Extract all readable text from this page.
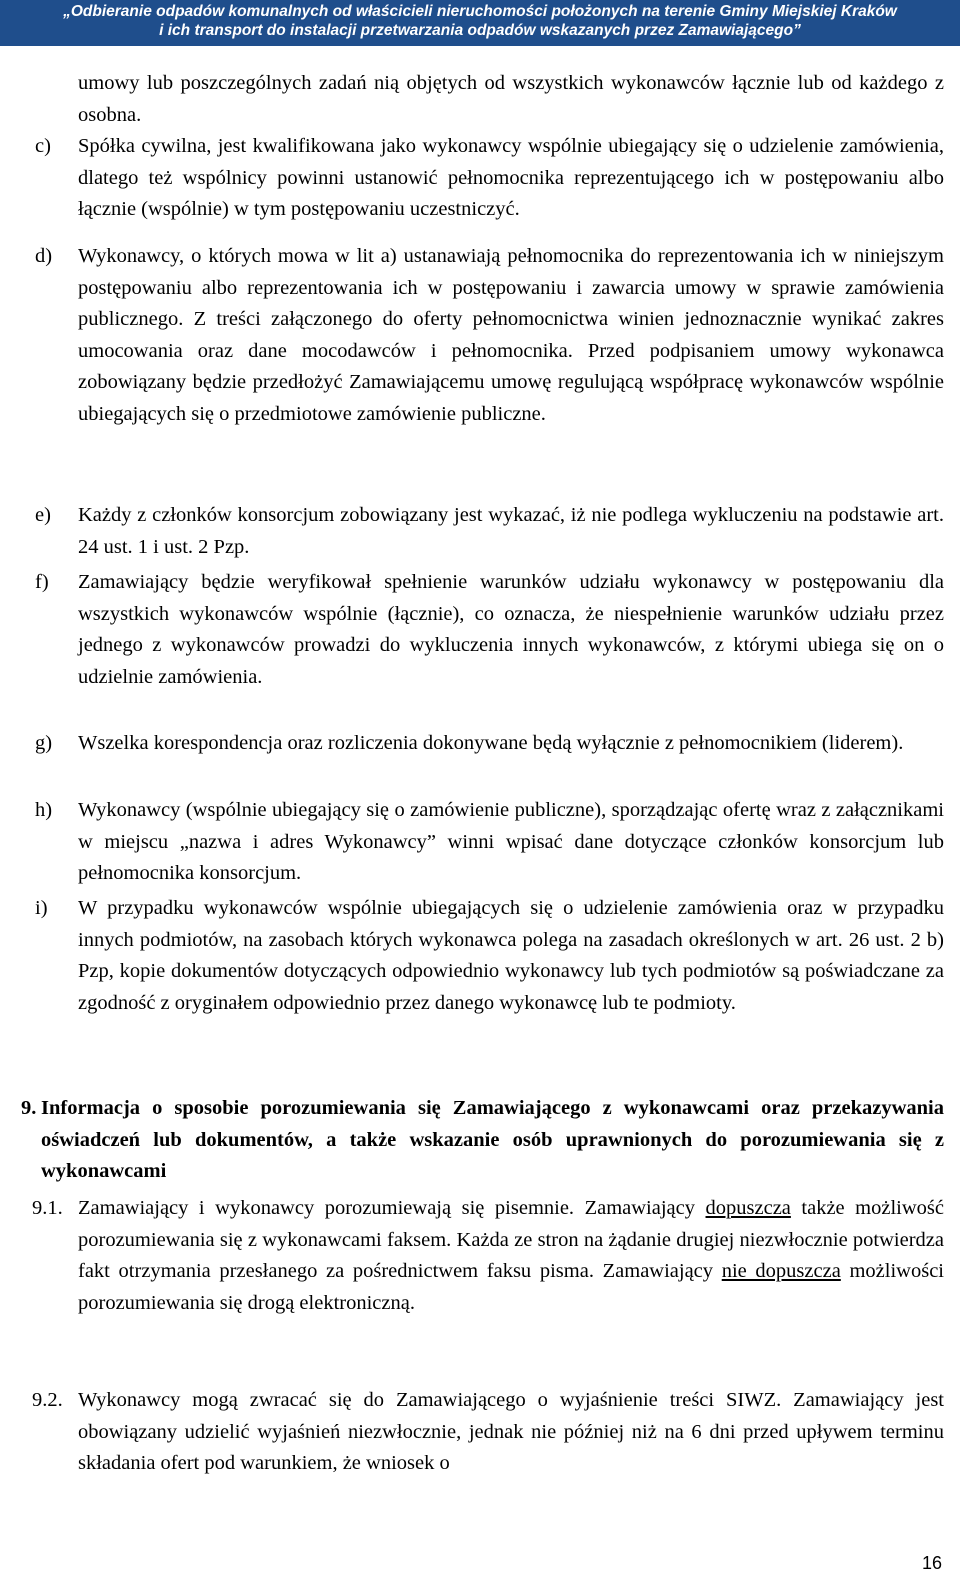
„Odbieranie odpadów komunalnych od właścicieli nieruchomości położonych na terenie Gminy Miejskiej Kraków
i ich transport do instalacji przetwarzania odpadów wskazanych przez Zamawiającego”
umowy lub poszczególnych zadań nią objętych od wszystkich wykonawców łącznie lub od każdego z osobna.
c) Spółka cywilna, jest kwalifikowana jako wykonawcy wspólnie ubiegający się o udzielenie zamówienia, dlatego też wspólnicy powinni ustanowić pełnomocnika reprezentującego ich w postępowaniu albo łącznie (wspólnie) w tym postępowaniu uczestniczyć.
d) Wykonawcy, o których mowa w lit a) ustanawiają pełnomocnika do reprezentowania ich w niniejszym postępowaniu albo reprezentowania ich w postępowaniu i zawarcia umowy w sprawie zamówienia publicznego. Z treści załączonego do oferty pełnomocnictwa winien jednoznacznie wynikać zakres umocowania oraz dane mocodawców i pełnomocnika. Przed podpisaniem umowy wykonawca zobowiązany będzie przedłożyć Zamawiającemu umowę regulującą współpracę wykonawców wspólnie ubiegających się o przedmiotowe zamówienie publiczne.
e) Każdy z członków konsorcjum zobowiązany jest wykazać, iż nie podlega wykluczeniu na podstawie art. 24 ust. 1 i ust. 2 Pzp.
f) Zamawiający będzie weryfikował spełnienie warunków udziału wykonawcy w postępowaniu dla wszystkich wykonawców wspólnie (łącznie), co oznacza, że niespełnienie warunków udziału przez jednego z wykonawców prowadzi do wykluczenia innych wykonawców, z którymi ubiega się on o udzielnie zamówienia.
g) Wszelka korespondencja oraz rozliczenia dokonywane będą wyłącznie z pełnomocnikiem (liderem).
h) Wykonawcy (wspólnie ubiegający się o zamówienie publiczne), sporządzając ofertę wraz z załącznikami w miejscu „nazwa i adres Wykonawcy” winni wpisać dane dotyczące członków konsorcjum lub pełnomocnika konsorcjum.
i) W przypadku wykonawców wspólnie ubiegających się o udzielenie zamówienia oraz w przypadku innych podmiotów, na zasobach których wykonawca polega na zasadach określonych w art. 26 ust. 2 b) Pzp, kopie dokumentów dotyczących odpowiednio wykonawcy lub tych podmiotów są poświadczane za zgodność z oryginałem odpowiednio przez danego wykonawcę lub te podmioty.
9. Informacja o sposobie porozumiewania się Zamawiającego z wykonawcami oraz przekazywania oświadczeń lub dokumentów, a także wskazanie osób uprawnionych do porozumiewania się z wykonawcami
9.1. Zamawiający i wykonawcy porozumiewają się pisemnie. Zamawiający dopuszcza także możliwość porozumiewania się z wykonawcami faksem. Każda ze stron na żądanie drugiej niezwłocznie potwierdza fakt otrzymania przesłanego za pośrednictwem faksu pisma. Zamawiający nie dopuszcza możliwości porozumiewania się drogą elektroniczną.
9.2. Wykonawcy mogą zwracać się do Zamawiającego o wyjaśnienie treści SIWZ. Zamawiający jest obowiązany udzielić wyjaśnień niezwłocznie, jednak nie później niż na 6 dni przed upływem terminu składania ofert pod warunkiem, że wniosek o
16
